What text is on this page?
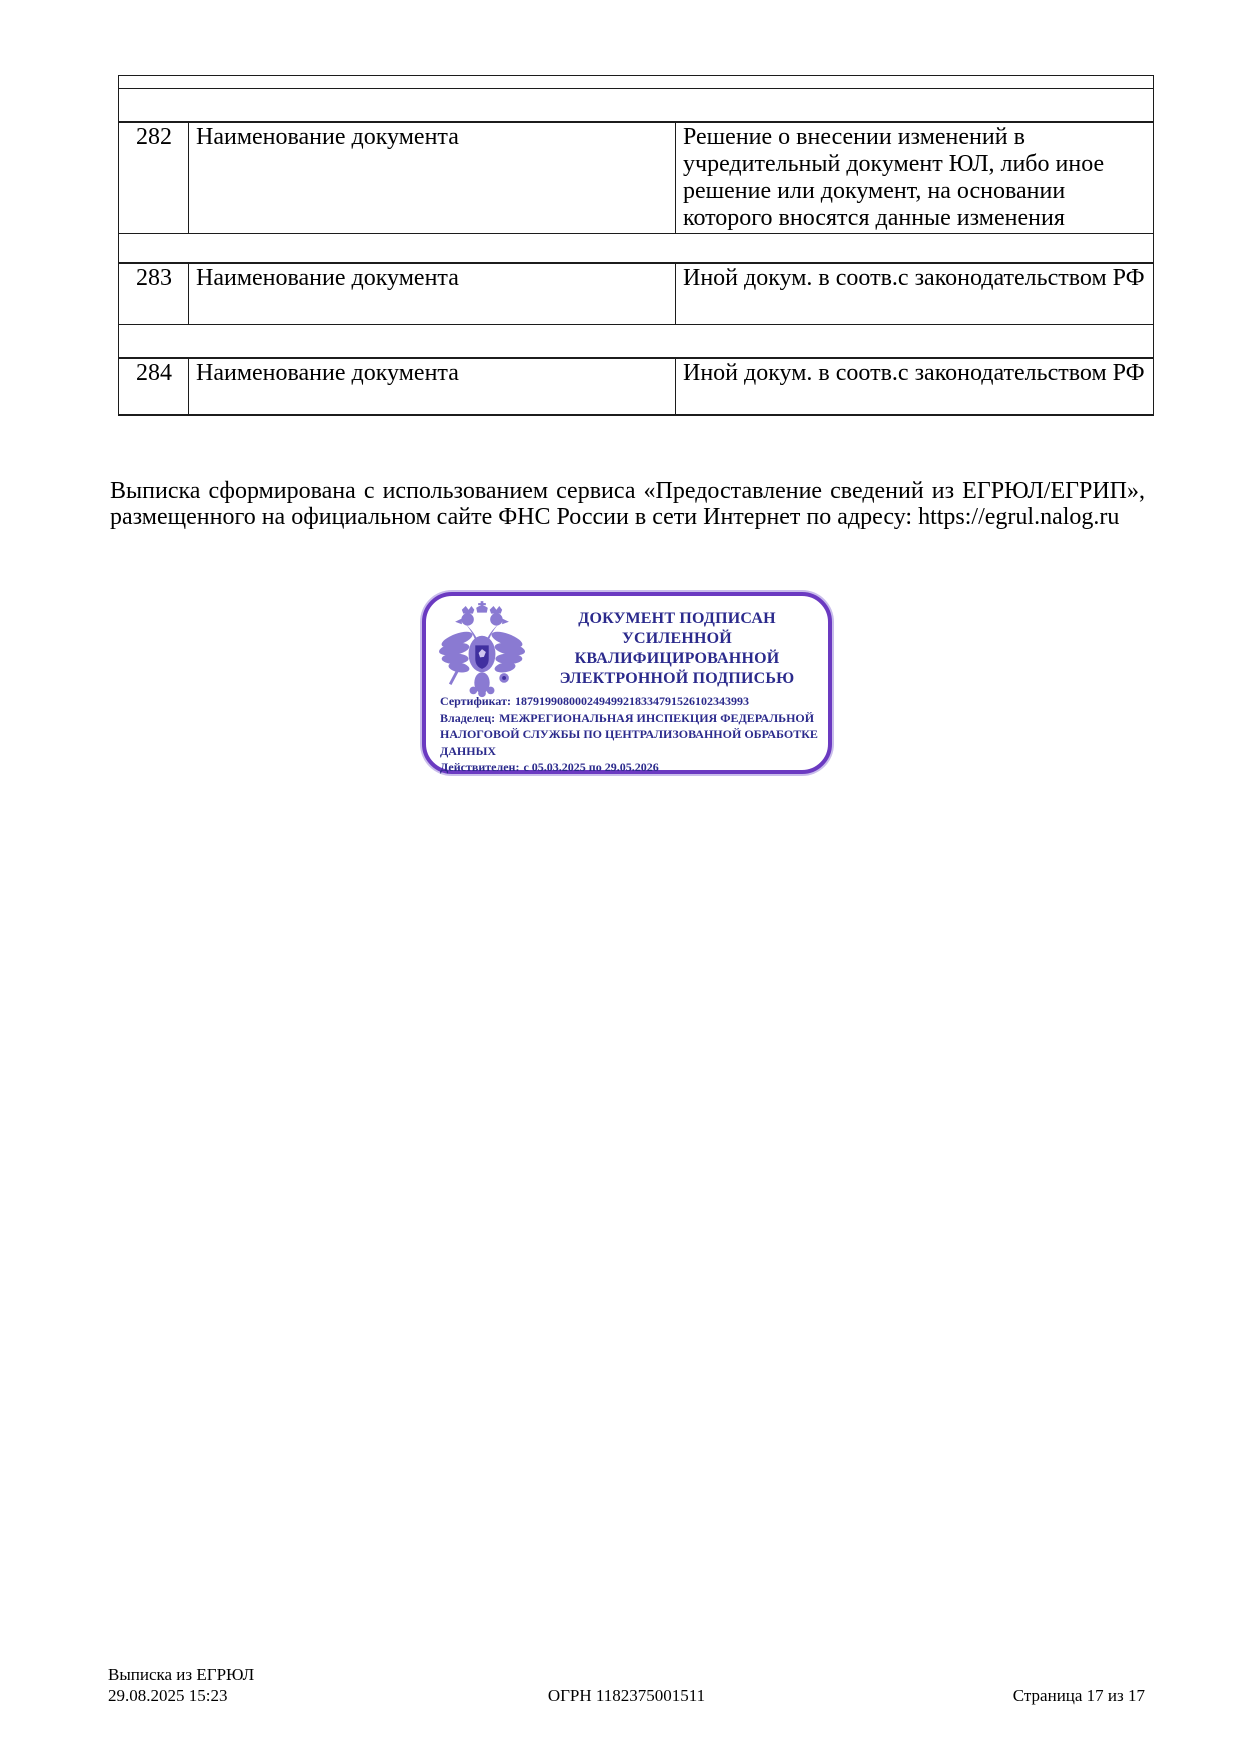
282	Наименование документа	Решение о внесении изменений в учредительный документ ЮЛ, либо иное решение или документ, на основании которого вносятся данные изменения

283	Наименование документа	Иной докум. в соотв.с законодательством РФ

284	Наименование документа	Иной докум. в соотв.с законодательством РФ

Выписка сформирована с использованием сервиса «Предоставление сведений из ЕГРЮЛ/ЕГРИП», размещенного на официальном сайте ФНС России в сети Интернет по адресу: https://egrul.nalog.ru

ДОКУМЕНТ ПОДПИСАН
УСИЛЕННОЙ КВАЛИФИЦИРОВАННОЙ
ЭЛЕКТРОННОЙ ПОДПИСЬЮ
Сертификат: 187919908000249499218334791526102343993
Владелец: МЕЖРЕГИОНАЛЬНАЯ ИНСПЕКЦИЯ ФЕДЕРАЛЬНОЙ НАЛОГОВОЙ СЛУЖБЫ ПО ЦЕНТРАЛИЗОВАННОЙ ОБРАБОТКЕ ДАННЫХ
Действителен: с 05.03.2025 по 29.05.2026
Выписка из ЕГРЮЛ
29.08.2025 15:23	ОГРН 1182375001511	Страница 17 из 17
